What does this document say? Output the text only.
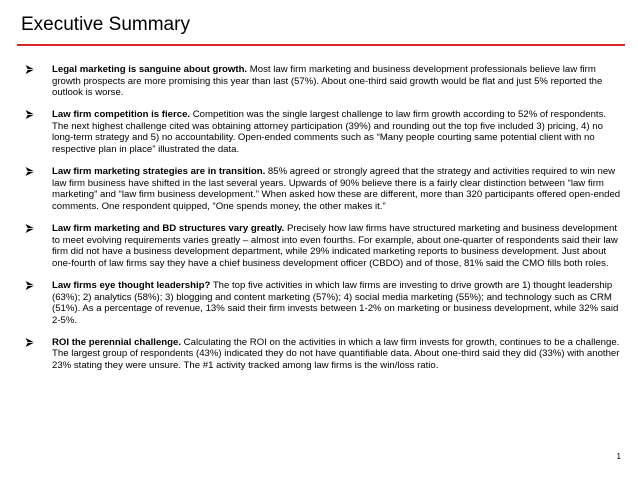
Executive Summary
Legal marketing is sanguine about growth. Most law firm marketing and business development professionals believe law firm growth prospects are more promising this year than last (57%). About one-third said growth would be flat and just 5% reported the outlook is worse.
Law firm competition is fierce. Competition was the single largest challenge to law firm growth according to 52% of respondents. The next highest challenge cited was obtaining attorney participation (39%) and rounding out the top five included 3) pricing, 4) no long-term strategy and 5) no accountability. Open-ended comments such as “Many people courting same potential client with no respective plan in place” illustrated the data.
Law firm marketing strategies are in transition. 85% agreed or strongly agreed that the strategy and activities required to win new law firm business have shifted in the last several years. Upwards of 90% believe there is a fairly clear distinction between “law firm marketing” and “law firm business development.” When asked how these are different, more than 320 participants offered open-ended comments. One respondent quipped, “One spends money, the other makes it.”
Law firm marketing and BD structures vary greatly. Precisely how law firms have structured marketing and business development to meet evolving requirements varies greatly – almost into even fourths. For example, about one-quarter of respondents said their law firm did not have a business development department, while 29% indicated marketing reports to business development. Just about one-fourth of law firms say they have a chief business development officer (CBDO) and of those, 81% said the CMO fills both roles.
Law firms eye thought leadership? The top five activities in which law firms are investing to drive growth are 1) thought leadership (63%); 2) analytics (58%); 3) blogging and content marketing (57%); 4) social media marketing (55%); and technology such as CRM (51%). As a percentage of revenue, 13% said their firm invests between 1-2% on marketing or business development, while 32% said 2-5%.
ROI the perennial challenge. Calculating the ROI on the activities in which a law firm invests for growth, continues to be a challenge. The largest group of respondents (43%) indicated they do not have quantifiable data. About one-third said they did (33%) with another 23% stating they were unsure. The #1 activity tracked among law firms is the win/loss ratio.
1
